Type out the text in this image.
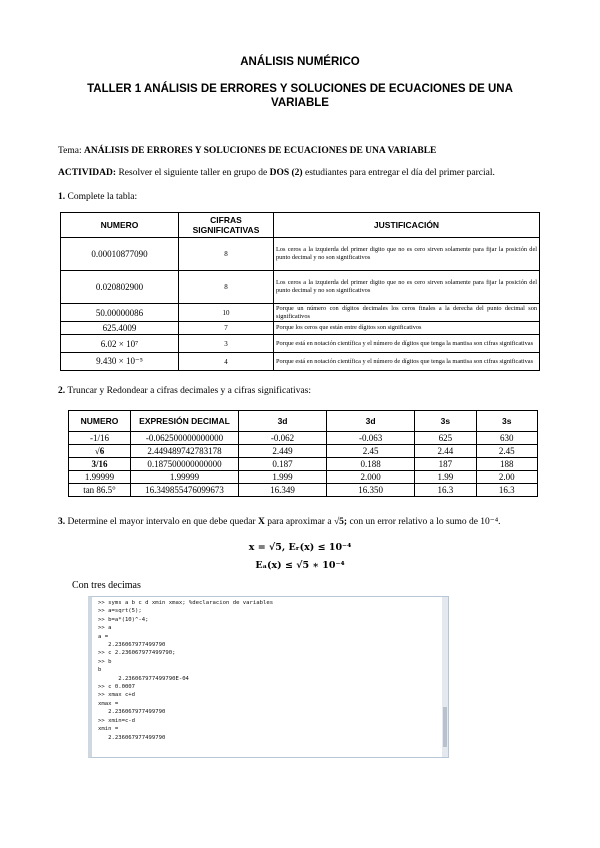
ANÁLISIS NUMÉRICO
TALLER 1 ANÁLISIS DE ERRORES Y SOLUCIONES DE ECUACIONES DE UNA
VARIABLE
Tema: ANÁLISIS DE ERRORES Y SOLUCIONES DE ECUACIONES DE UNA VARIABLE
ACTIVIDAD: Resolver el siguiente taller en grupo de DOS (2) estudiantes para entregar el día del primer parcial.
1. Complete la tabla:
NUMERO	CIFRAS SIGNIFICATIVAS	JUSTIFICACIÓN
0.00010877090	8	Los ceros a la izquierda del primer digito que no es cero sirven solamente para fijar la posición del punto decimal y no son significativos
0.020802900	8	Los ceros a la izquierda del primer digito que no es cero sirven solamente para fijar la posición del punto decimal y no son significativos
50.00000086	10	Porque un número con dígitos decimales los ceros finales a la derecha del punto decimal son significativos
625.4009	7	Porque los ceros que están entre dígitos son significativos
6.02 × 10⁷	3	Porque está en notación científica y el número de dígitos que tenga la mantisa son cifras significativas
9.430 × 10⁻⁵	4	Porque está en notación científica y el número de dígitos que tenga la mantisa son cifras significativas
2. Truncar y Redondear a cifras decimales y a cifras significativas:
NUMERO	EXPRESIÓN DECIMAL	3d	3d	3s	3s
-1/16	-0.062500000000000	-0.062	-0.063	625	630
√6	2.449489742783178	2.449	2.45	2.44	2.45
3/16	0.187500000000000	0.187	0.188	187	188
1.99999	1.99999	1.999	2.000	1.99	2.00
tan 86.5°	16.349855476099673	16.349	16.350	16.3	16.3
3. Determine el mayor intervalo en que debe quedar X para aproximar a √5; con un error relativo a lo sumo de 10⁻⁴.
x = √5, Eᵣ(x) ≤ 10⁻⁴
Eₐ(x) ≤ √5 ∗ 10⁻⁴
Con tres decimas
>> syms a b c d xmin xmax; %declaracion de variables
>> a=sqrt(5);
>> b=a*(10)^-4;
>> a
a =
2.236067977499790
>> c 2.236067977499790;
>> b
b
2.236067977499790E-04
>> c 0.0007
>> xmax c+d
xmax =
2.236067977499790
>> xmin=c-d
xmin =
2.236067977499790
